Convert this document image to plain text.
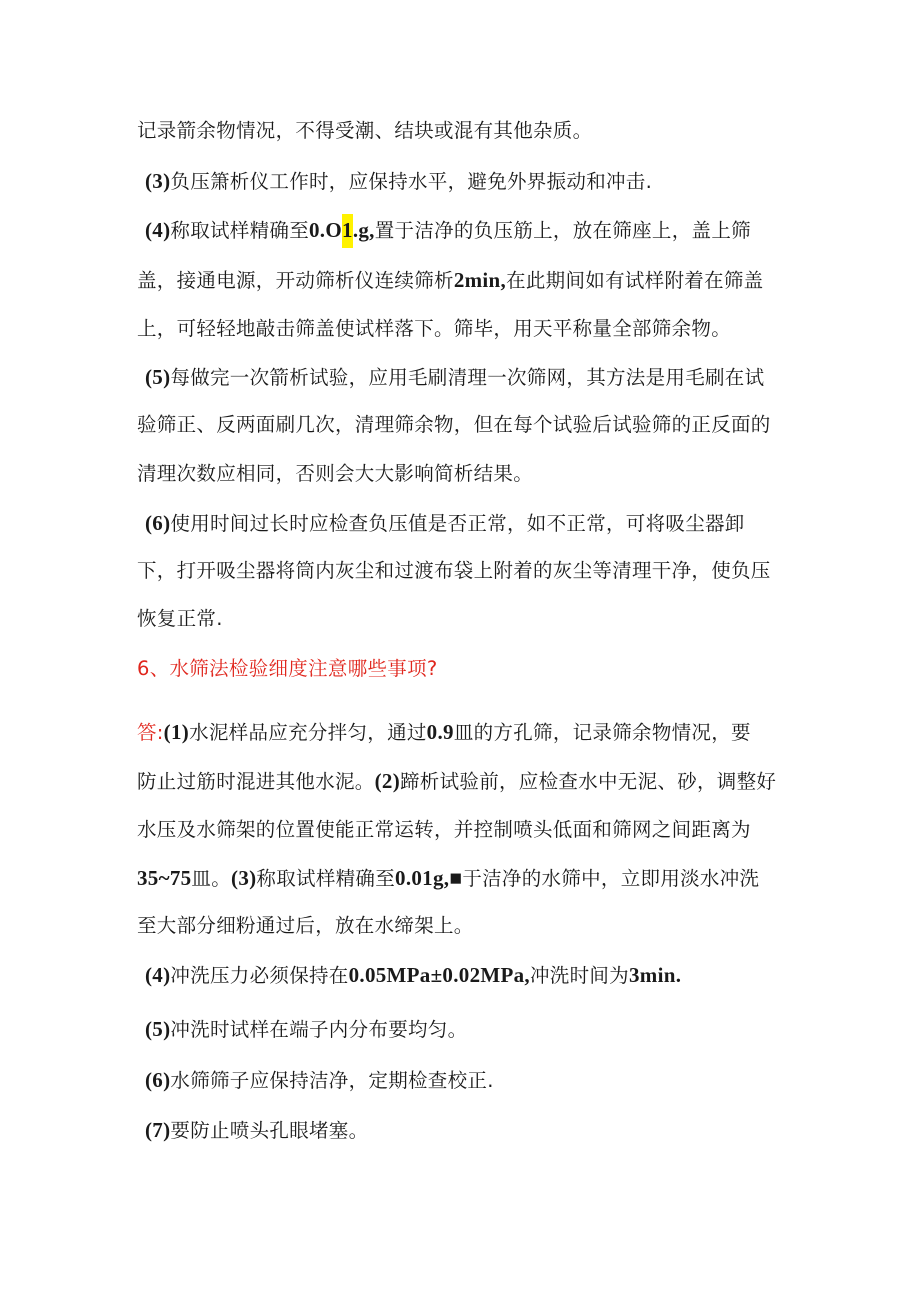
记录箭余物情况，不得受潮、结块或混有其他杂质。

(3)负压箫析仪工作时，应保持水平，避免外界振动和冲击.

(4)称取试样精确至0.O1.g,置于洁净的负压筋上，放在筛座上，盖上筛

盖，接通电源，开动筛析仪连续筛析2min,在此期间如有试样附着在筛盖

上，可轻轻地敲击筛盖使试样落下。筛毕，用天平称量全部筛余物。

(5)每做完一次箭析试验，应用毛刷清理一次筛网，其方法是用毛刷在试

验筛正、反两面刷几次，清理筛余物，但在每个试验后试验筛的正反面的

清理次数应相同，否则会大大影响简析结果。

(6)使用时间过长时应检查负压值是否正常，如不正常，可将吸尘器卸

下，打开吸尘器将筒内灰尘和过渡布袋上附着的灰尘等清理干净，使负压

恢复正常.

6、水筛法检验细度注意哪些事项?

答:(1)水泥样品应充分拌匀，通过0.9皿的方孔筛，记录筛余物情况，要

防止过筋时混进其他水泥。(2)蹄析试验前，应检查水中无泥、砂，调整好

水压及水筛架的位置使能正常运转，并控制喷头低面和筛网之间距离为

35~75皿。(3)称取试样精确至0.01g,■于洁净的水筛中，立即用淡水冲洗

至大部分细粉通过后，放在水缔架上。

(4)冲洗压力必须保持在0.05MPa±0.02MPa,冲洗时间为3min.

(5)冲洗时试样在端子内分布要均匀。

(6)水筛筛子应保持洁净，定期检查校正.

(7)要防止喷头孔眼堵塞。
